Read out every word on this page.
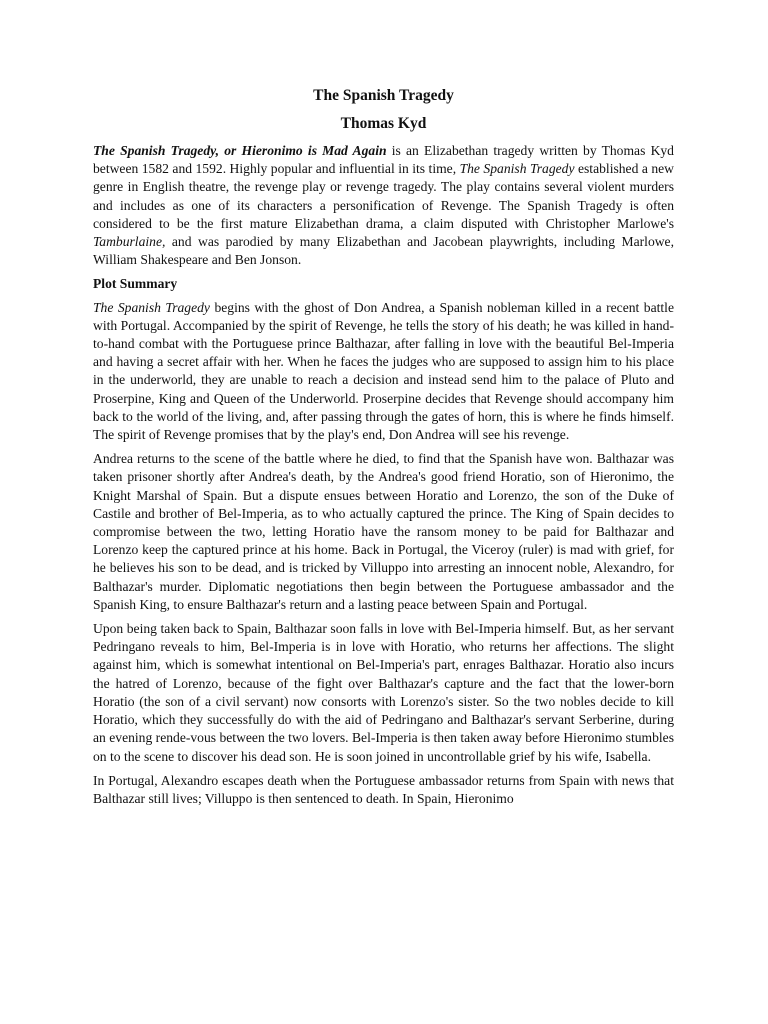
The Spanish Tragedy
Thomas Kyd

The Spanish Tragedy, or Hieronimo is Mad Again is an Elizabethan tragedy written by Thomas Kyd between 1582 and 1592. Highly popular and influential in its time, The Spanish Tragedy established a new genre in English theatre, the revenge play or revenge tragedy. The play contains several violent murders and includes as one of its characters a personification of Revenge. The Spanish Tragedy is often considered to be the first mature Elizabethan drama, a claim disputed with Christopher Marlowe's Tamburlaine, and was parodied by many Elizabethan and Jacobean playwrights, including Marlowe, William Shakespeare and Ben Jonson.

Plot Summary

The Spanish Tragedy begins with the ghost of Don Andrea, a Spanish nobleman killed in a recent battle with Portugal. Accompanied by the spirit of Revenge, he tells the story of his death; he was killed in hand-to-hand combat with the Portuguese prince Balthazar, after falling in love with the beautiful Bel-Imperia and having a secret affair with her. When he faces the judges who are supposed to assign him to his place in the underworld, they are unable to reach a decision and instead send him to the palace of Pluto and Proserpine, King and Queen of the Underworld. Proserpine decides that Revenge should accompany him back to the world of the living, and, after passing through the gates of horn, this is where he finds himself. The spirit of Revenge promises that by the play's end, Don Andrea will see his revenge.

Andrea returns to the scene of the battle where he died, to find that the Spanish have won. Balthazar was taken prisoner shortly after Andrea's death, by the Andrea's good friend Horatio, son of Hieronimo, the Knight Marshal of Spain. But a dispute ensues between Horatio and Lorenzo, the son of the Duke of Castile and brother of Bel-Imperia, as to who actually captured the prince. The King of Spain decides to compromise between the two, letting Horatio have the ransom money to be paid for Balthazar and Lorenzo keep the captured prince at his home. Back in Portugal, the Viceroy (ruler) is mad with grief, for he believes his son to be dead, and is tricked by Villuppo into arresting an innocent noble, Alexandro, for Balthazar's murder. Diplomatic negotiations then begin between the Portuguese ambassador and the Spanish King, to ensure Balthazar's return and a lasting peace between Spain and Portugal.

Upon being taken back to Spain, Balthazar soon falls in love with Bel-Imperia himself. But, as her servant Pedringano reveals to him, Bel-Imperia is in love with Horatio, who returns her affections. The slight against him, which is somewhat intentional on Bel-Imperia's part, enrages Balthazar. Horatio also incurs the hatred of Lorenzo, because of the fight over Balthazar's capture and the fact that the lower-born Horatio (the son of a civil servant) now consorts with Lorenzo's sister. So the two nobles decide to kill Horatio, which they successfully do with the aid of Pedringano and Balthazar's servant Serberine, during an evening rende-vous between the two lovers. Bel-Imperia is then taken away before Hieronimo stumbles on to the scene to discover his dead son. He is soon joined in uncontrollable grief by his wife, Isabella.

In Portugal, Alexandro escapes death when the Portuguese ambassador returns from Spain with news that Balthazar still lives; Villuppo is then sentenced to death. In Spain, Hieronimo
